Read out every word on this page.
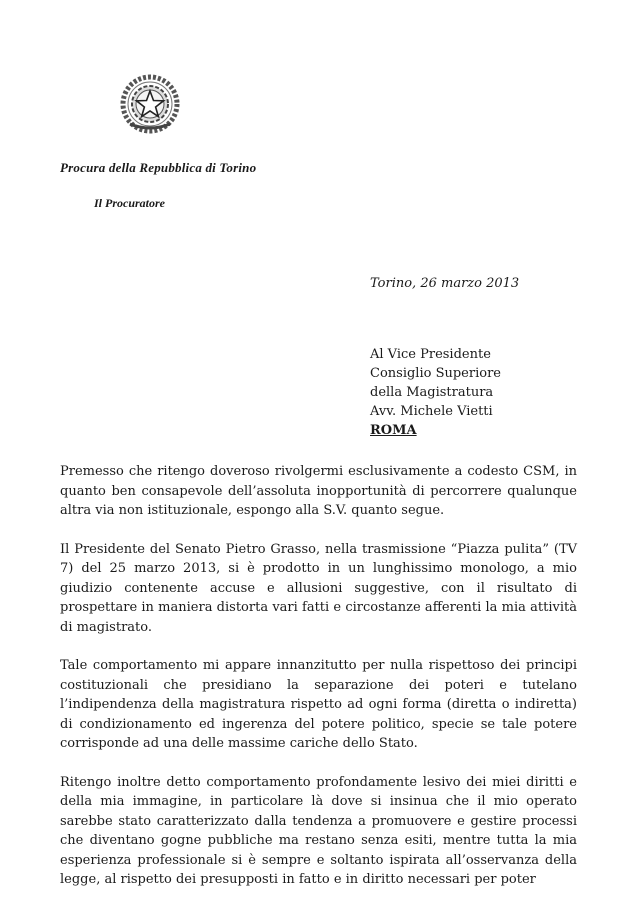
Procura della Repubblica di Torino
Il Procuratore
Torino, 26 marzo 2013
Al Vice Presidente
Consiglio Superiore
della Magistratura
Avv. Michele Vietti
ROMA

Premesso che ritengo doveroso rivolgermi esclusivamente a codesto CSM, in quanto ben consapevole dell’assoluta inopportunità di percorrere qualunque altra via non istituzionale, espongo alla S.V. quanto segue.

Il Presidente del Senato Pietro Grasso, nella trasmissione “Piazza pulita” (TV 7) del 25 marzo 2013, si è prodotto in un lunghissimo monologo, a mio giudizio contenente accuse e allusioni suggestive, con il risultato di prospettare in maniera distorta vari fatti e circostanze afferenti la mia attività di magistrato.

Tale comportamento mi appare innanzitutto per nulla rispettoso dei principi costituzionali che presidiano la separazione dei poteri e tutelano l’indipendenza della magistratura rispetto ad ogni forma (diretta o indiretta) di condizionamento ed ingerenza del potere politico, specie se tale potere corrisponde ad una delle massime cariche dello Stato.

Ritengo inoltre detto comportamento profondamente lesivo dei miei diritti e della mia immagine, in particolare là dove si insinua che il mio operato sarebbe stato caratterizzato dalla tendenza a promuovere e gestire processi che diventano gogne pubbliche ma restano senza esiti, mentre tutta la mia esperienza professionale si è sempre e soltanto ispirata all’osservanza della legge, al rispetto dei presupposti in fatto e in diritto necessari per poter
